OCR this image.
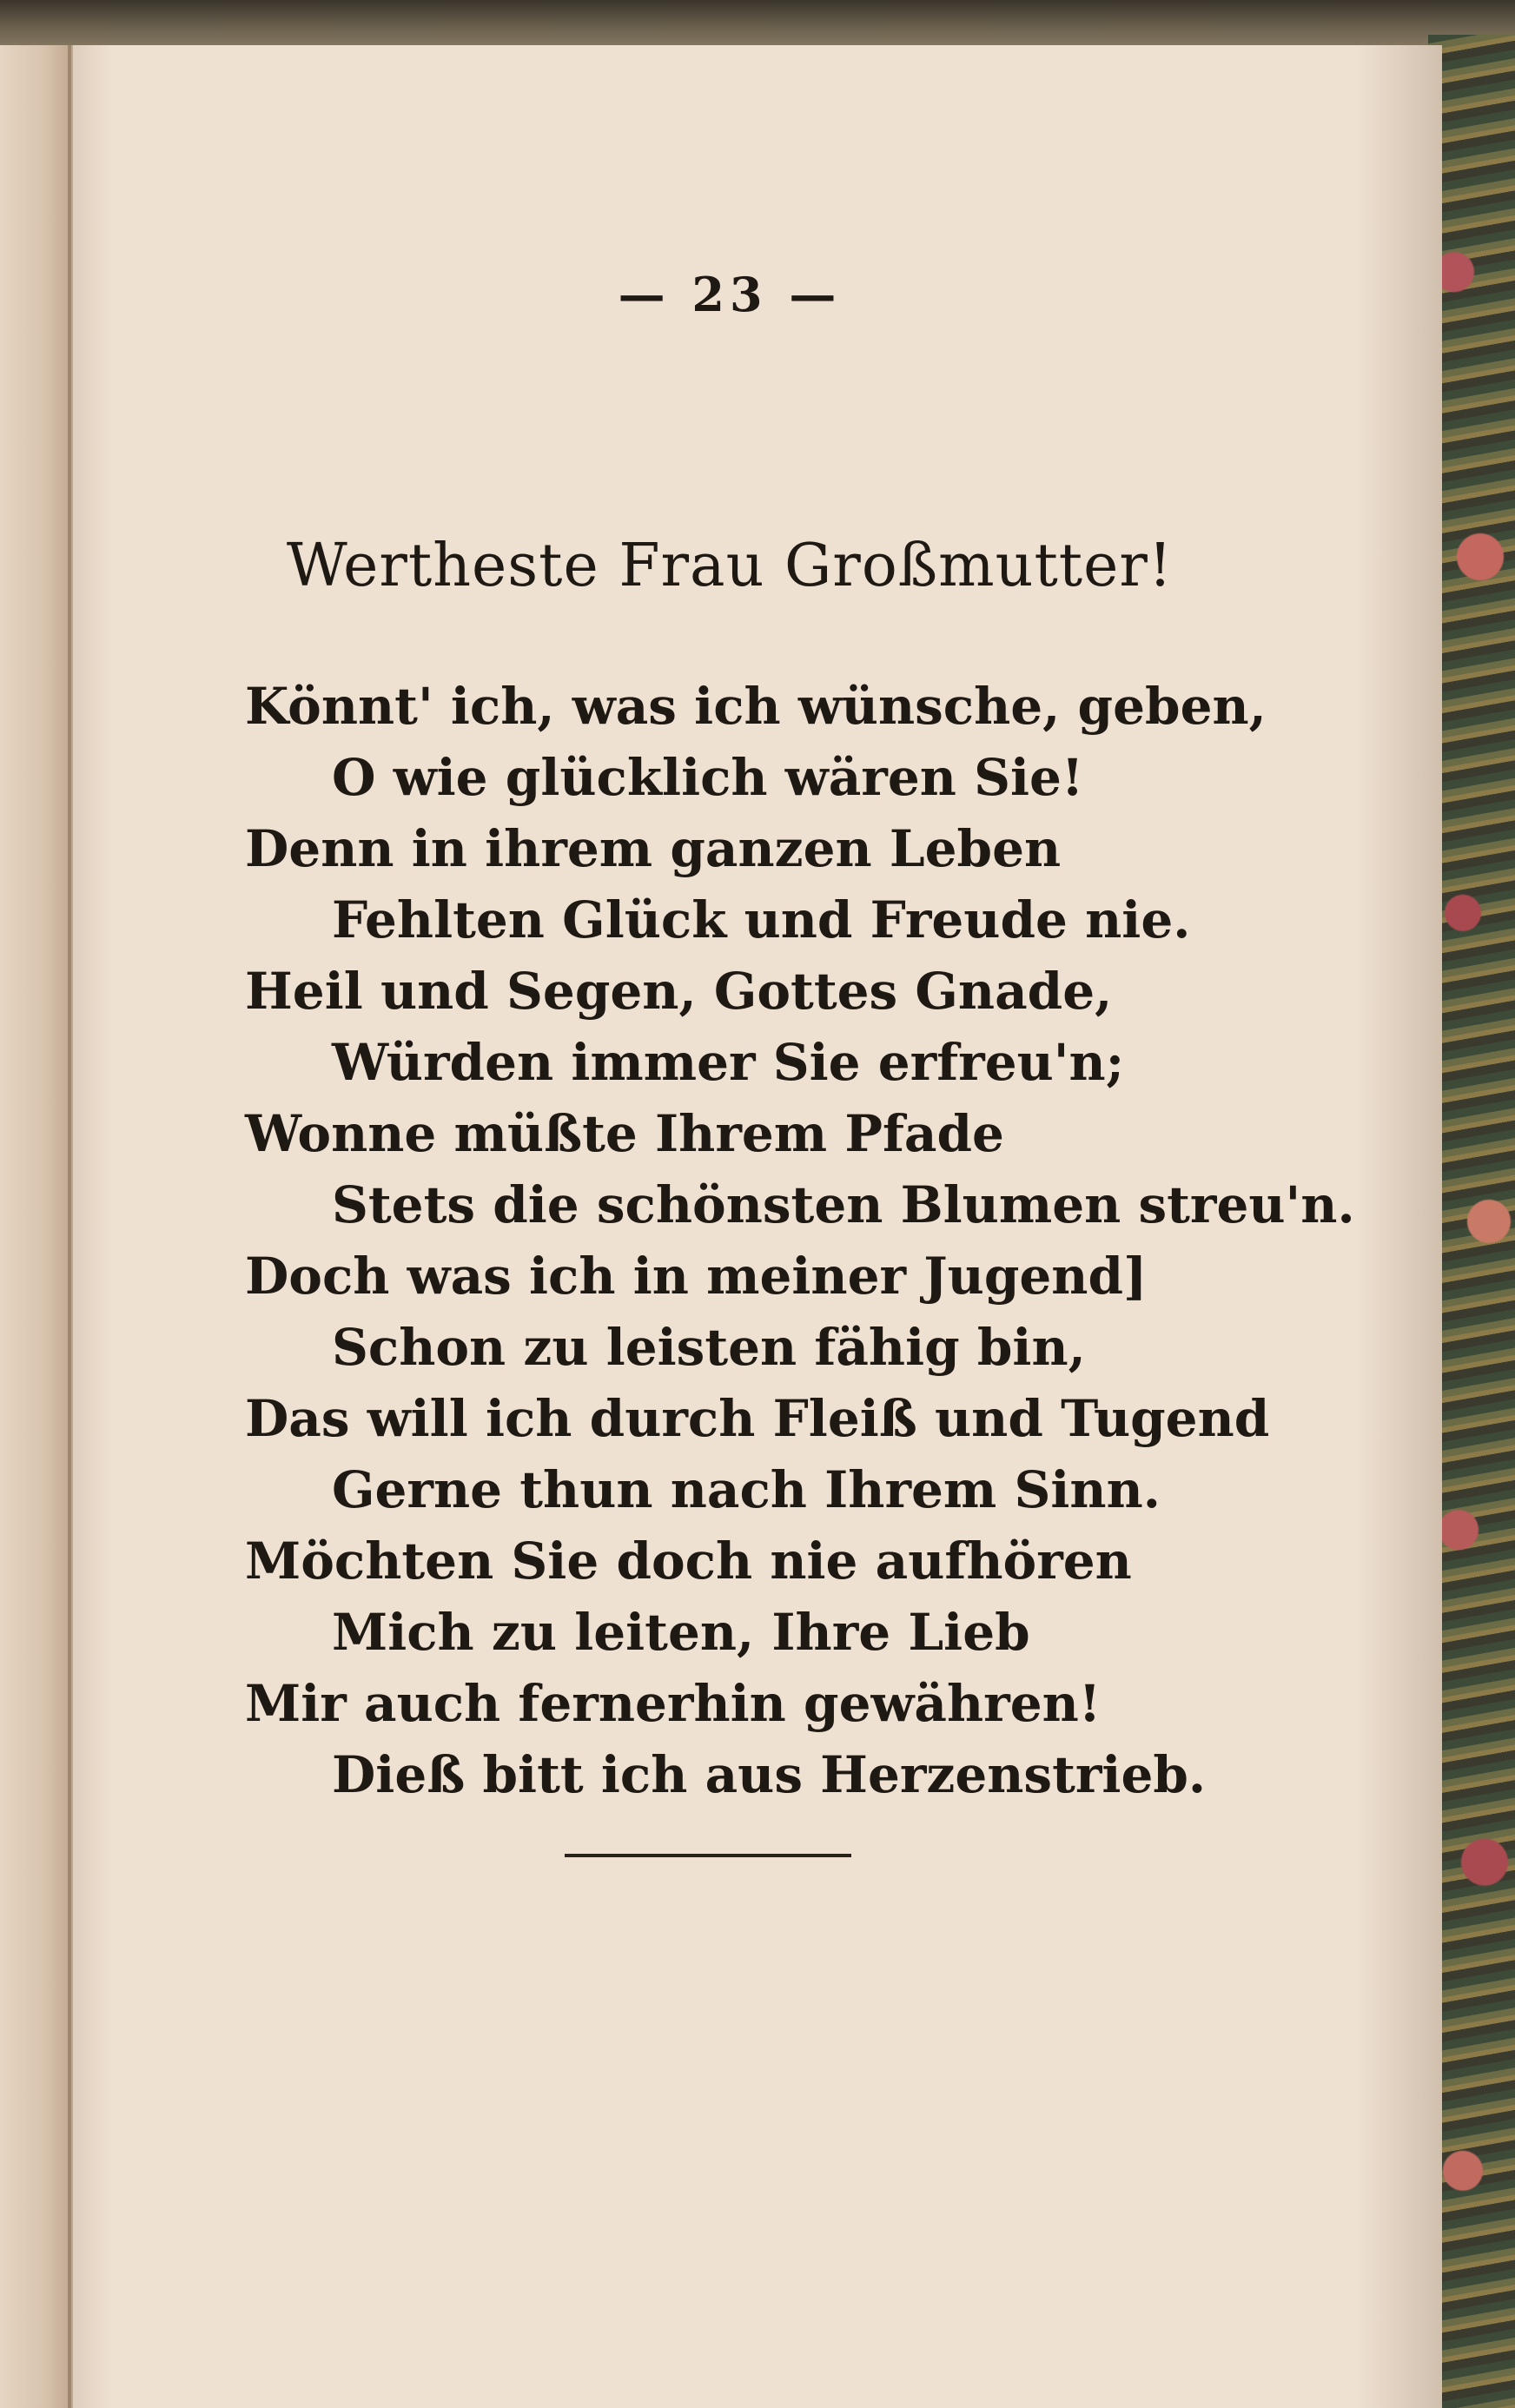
— 23 —
Wertheste Frau Großmutter!
Könnt' ich, was ich wünsche, geben,
O wie glücklich wären Sie!
Denn in ihrem ganzen Leben
Fehlten Glück und Freude nie.
Heil und Segen, Gottes Gnade,
Würden immer Sie erfreu'n;
Wonne müßte Ihrem Pfade
Stets die schönsten Blumen streu'n.
Doch was ich in meiner Jugend]
Schon zu leisten fähig bin,
Das will ich durch Fleiß und Tugend
Gerne thun nach Ihrem Sinn.
Möchten Sie doch nie aufhören
Mich zu leiten, Ihre Lieb
Mir auch fernerhin gewähren!
Dieß bitt ich aus Herzenstrieb.
